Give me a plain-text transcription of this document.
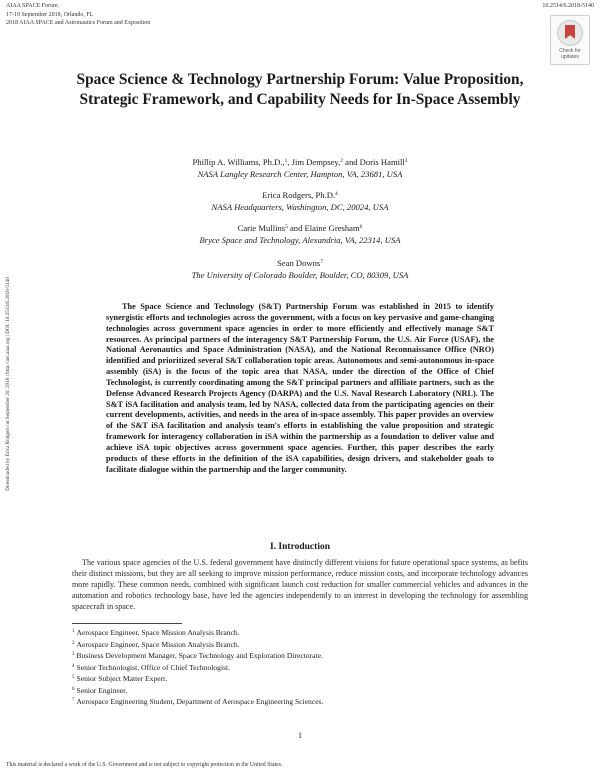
AIAA SPACE Forum
17-19 September 2018, Orlando, FL
2018 AIAA SPACE and Astronautics Forum and Exposition
10.2514/6.2018-5140
Check for updates
Downloaded by Erica Rodgers on September 20, 2018 | http://arc.aiaa.org | DOI: 10.2514/6.2018-5140
Space Science & Technology Partnership Forum: Value Proposition, Strategic Framework, and Capability Needs for In-Space Assembly
Phillip A. Williams, Ph.D.,$^1$, Jim Dempsey,$^2$ and Doris Hamill$^3$
NASA Langley Research Center, Hampton, VA, 23681, USA
Erica Rodgers, Ph.D.$^4$
NASA Headquarters, Washington, DC, 20024, USA
Carie Mullins$^5$ and Elaine Gresham$^6$
Bryce Space and Technology, Alexandria, VA, 22314, USA
Sean Downs$^7$
The University of Colorado Boulder, Boulder, CO, 80309, USA
The Space Science and Technology (S&T) Partnership Forum was established in 2015 to identify synergistic efforts and technologies across the government, with a focus on key pervasive and game-changing technologies across government space agencies in order to more efficiently and effectively manage S&T resources. As principal partners of the interagency S&T Partnership Forum, the U.S. Air Force (USAF), the National Aeronautics and Space Administration (NASA), and the National Reconnaissance Office (NRO) identified and prioritized several S&T collaboration topic areas. Autonomous and semi-autonomous in-space assembly (iSA) is the focus of the topic area that NASA, under the direction of the Office of Chief Technologist, is currently coordinating among the S&T principal partners and affiliate partners, such as the Defense Advanced Research Projects Agency (DARPA) and the U.S. Naval Research Laboratory (NRL). The S&T iSA facilitation and analysis team, led by NASA, collected data from the participating agencies on their current developments, activities, and needs in the area of in-space assembly. This paper provides an overview of the S&T iSA facilitation and analysis team's efforts in establishing the value proposition and strategic framework for interagency collaboration in iSA within the partnership as a foundation to deliver value and achieve iSA topic objectives across government space agencies. Further, this paper describes the early products of these efforts in the definition of the iSA capabilities, design drivers, and stakeholder goals to facilitate dialogue within the partnership and the larger community.
I. Introduction
The various space agencies of the U.S. federal government have distinctly different visions for future operational space systems, as befits their distinct missions, but they are all seeking to improve mission performance, reduce mission costs, and incorporate technology advances more rapidly. These common needs, combined with significant launch cost reduction for smaller commercial vehicles and advances in the automation and robotics technology base, have led the agencies independently to an interest in developing the technology for assembling spacecraft in space.
$^1$ Aerospace Engineer, Space Mission Analysis Branch.
$^2$ Aerospace Engineer, Space Mission Analysis Branch.
$^3$ Business Development Manager, Space Technology and Exploration Directorate.
$^4$ Senior Technologist, Office of Chief Technologist.
$^5$ Senior Subject Matter Expert.
$^6$ Senior Engineer.
$^7$ Aerospace Engineering Student, Department of Aerospace Engineering Sciences.
1
This material is declared a work of the U.S. Government and is not subject to copyright protection in the United States.
